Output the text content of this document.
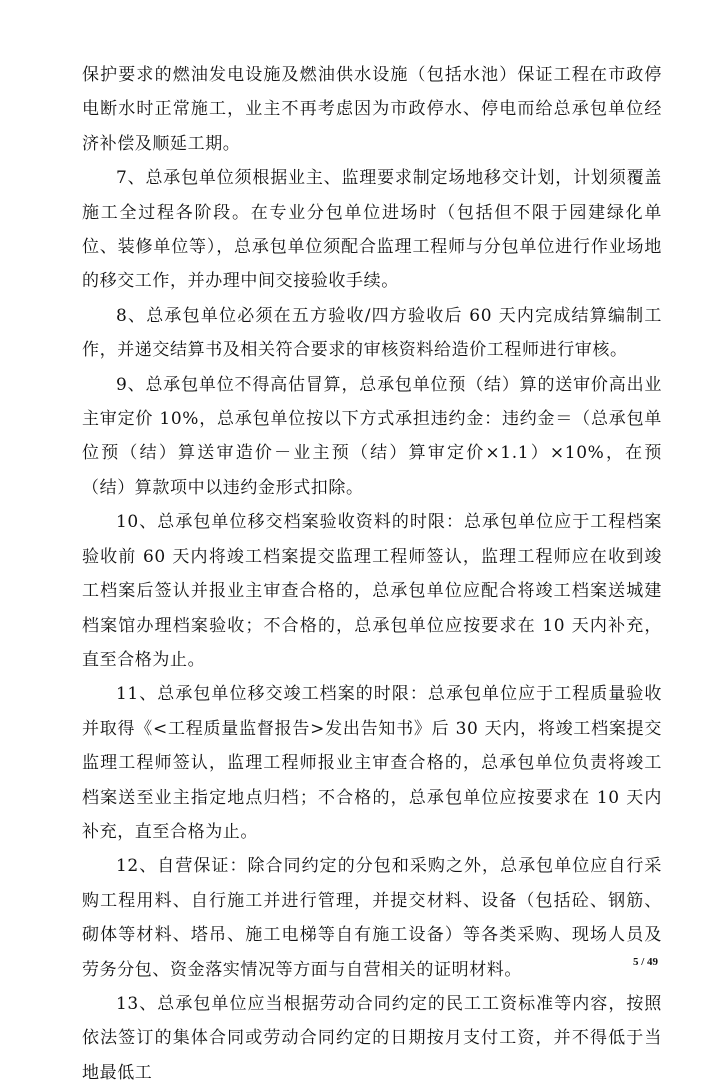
保护要求的燃油发电设施及燃油供水设施（包括水池）保证工程在市政停电断水时正常施工，业主不再考虑因为市政停水、停电而给总承包单位经济补偿及顺延工期。

7、总承包单位须根据业主、监理要求制定场地移交计划，计划须覆盖施工全过程各阶段。在专业分包单位进场时（包括但不限于园建绿化单位、装修单位等），总承包单位须配合监理工程师与分包单位进行作业场地的移交工作，并办理中间交接验收手续。

8、总承包单位必须在五方验收/四方验收后 60 天内完成结算编制工作，并递交结算书及相关符合要求的审核资料给造价工程师进行审核。

9、总承包单位不得高估冒算，总承包单位预（结）算的送审价高出业主审定价 10%，总承包单位按以下方式承担违约金：违约金＝（总承包单位预（结）算送审造价－业主预（结）算审定价×1.1）×10%，在预（结）算款项中以违约金形式扣除。

10、总承包单位移交档案验收资料的时限：总承包单位应于工程档案验收前 60 天内将竣工档案提交监理工程师签认，监理工程师应在收到竣工档案后签认并报业主审查合格的，总承包单位应配合将竣工档案送城建档案馆办理档案验收；不合格的，总承包单位应按要求在 10 天内补充，直至合格为止。

11、总承包单位移交竣工档案的时限：总承包单位应于工程质量验收并取得《<工程质量监督报告>发出告知书》后 30 天内，将竣工档案提交监理工程师签认，监理工程师报业主审查合格的，总承包单位负责将竣工档案送至业主指定地点归档；不合格的，总承包单位应按要求在 10 天内补充，直至合格为止。

12、自营保证：除合同约定的分包和采购之外，总承包单位应自行采购工程用料、自行施工并进行管理，并提交材料、设备（包括砼、钢筋、砌体等材料、塔吊、施工电梯等自有施工设备）等各类采购、现场人员及劳务分包、资金落实情况等方面与自营相关的证明材料。

13、总承包单位应当根据劳动合同约定的民工工资标准等内容，按照依法签订的集体合同或劳动合同约定的日期按月支付工资，并不得低于当地最低工

5 / 49
